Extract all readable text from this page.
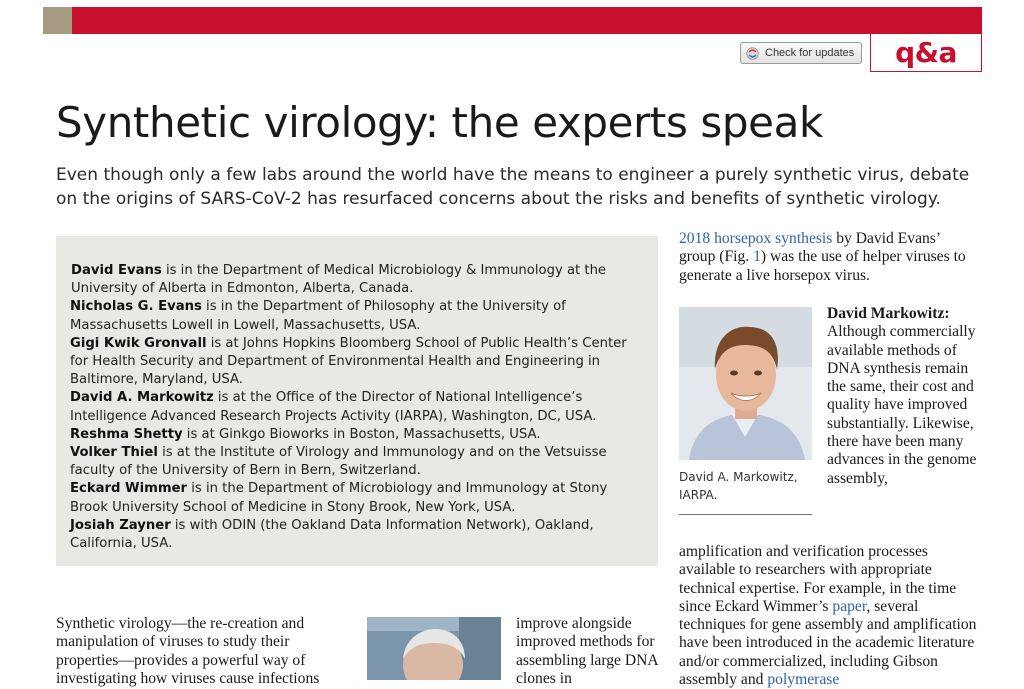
Check for updates q&a
Synthetic virology: the experts speak

Even though only a few labs around the world have the means to engineer a purely synthetic virus, debate on the origins of SARS-CoV-2 has resurfaced concerns about the risks and benefits of synthetic virology.

David Evans is in the Department of Medical Microbiology & Immunology at the University of Alberta in Edmonton, Alberta, Canada.

Nicholas G. Evans is in the Department of Philosophy at the University of Massachusetts Lowell in Lowell, Massachusetts, USA.

Gigi Kwik Gronvall is at Johns Hopkins Bloomberg School of Public Health’s Center for Health Security and Department of Environmental Health and Engineering in Baltimore, Maryland, USA.

David A. Markowitz is at the Office of the Director of National Intelligence’s Intelligence Advanced Research Projects Activity (IARPA), Washington, DC, USA.

Reshma Shetty is at Ginkgo Bioworks in Boston, Massachusetts, USA.

Volker Thiel is at the Institute of Virology and Immunology and on the Vetsuisse faculty of the University of Bern in Bern, Switzerland.

Eckard Wimmer is in the Department of Microbiology and Immunology at Stony Brook University School of Medicine in Stony Brook, New York, USA.

Josiah Zayner is with ODIN (the Oakland Data Information Network), Oakland, California, USA.

2018 horsepox synthesis by David Evans’ group (Fig. 1) was the use of helper viruses to generate a live horsepox virus.

David A. Markowitz, IARPA.

David Markowitz: Although commercially available methods of DNA synthesis remain the same, their cost and quality have improved substantially. Likewise, there have been many advances in the genome assembly,

amplification and verification processes available to researchers with appropriate technical expertise. For example, in the time since Eckard Wimmer’s paper, several techniques for gene assembly and amplification have been introduced in the academic literature and/or commercialized, including Gibson assembly and polymerase

Synthetic virology—the re-creation and manipulation of viruses to study their properties—provides a powerful way of investigating how viruses cause infections

improve alongside improved methods for assembling large DNA clones in
